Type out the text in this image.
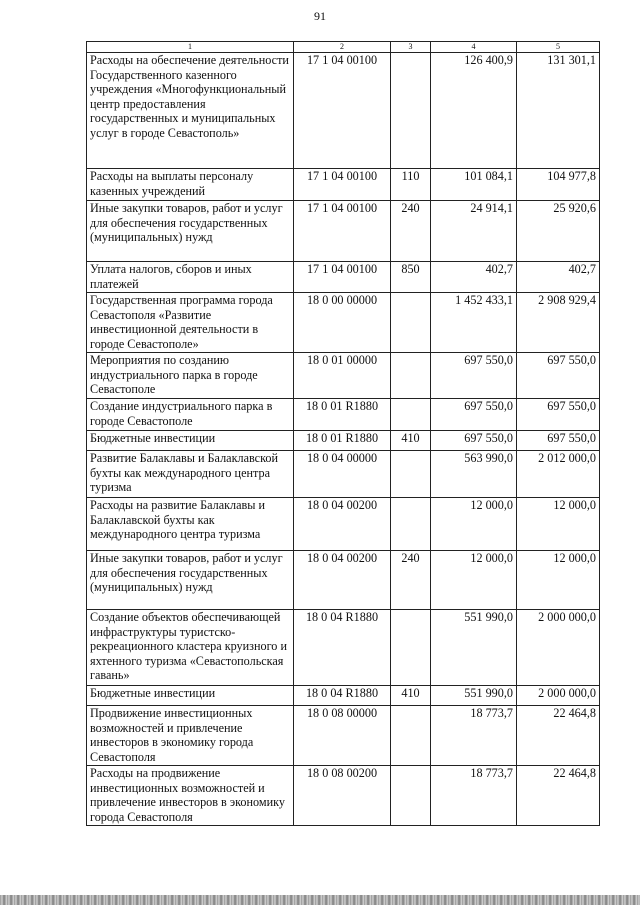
91
1	2	3	4	5
Расходы на обеспечение деятельности Государственного казенного учреждения «Многофункциональный центр предоставления государственных и муниципальных услуг в городе Севастополь»	17 1 04 00100		126 400,9	131 301,1
Расходы на выплаты персоналу казенных учреждений	17 1 04 00100	110	101 084,1	104 977,8
Иные закупки товаров, работ и услуг для обеспечения государственных (муниципальных) нужд	17 1 04 00100	240	24 914,1	25 920,6
Уплата налогов, сборов и иных платежей	17 1 04 00100	850	402,7	402,7
Государственная программа города Севастополя «Развитие инвестиционной деятельности в городе Севастополе»	18 0 00 00000		1 452 433,1	2 908 929,4
Мероприятия по созданию индустриального парка в городе Севастополе	18 0 01 00000		697 550,0	697 550,0
Создание индустриального парка в городе Севастополе	18 0 01 R1880		697 550,0	697 550,0
Бюджетные инвестиции	18 0 01 R1880	410	697 550,0	697 550,0
Развитие Балаклавы и Балаклавской бухты как международного центра туризма	18 0 04 00000		563 990,0	2 012 000,0
Расходы на развитие Балаклавы и Балаклавской бухты как международного центра туризма	18 0 04 00200		12 000,0	12 000,0
Иные закупки товаров, работ и услуг для обеспечения государственных (муниципальных) нужд	18 0 04 00200	240	12 000,0	12 000,0
Создание объектов обеспечивающей инфраструктуры туристско-рекреационного кластера круизного и яхтенного туризма «Севастопольская гавань»	18 0 04 R1880		551 990,0	2 000 000,0
Бюджетные инвестиции	18 0 04 R1880	410	551 990,0	2 000 000,0
Продвижение инвестиционных возможностей и привлечение инвесторов в экономику города Севастополя	18 0 08 00000		18 773,7	22 464,8
Расходы на продвижение инвестиционных возможностей и привлечение инвесторов в экономику города Севастополя	18 0 08 00200		18 773,7	22 464,8
